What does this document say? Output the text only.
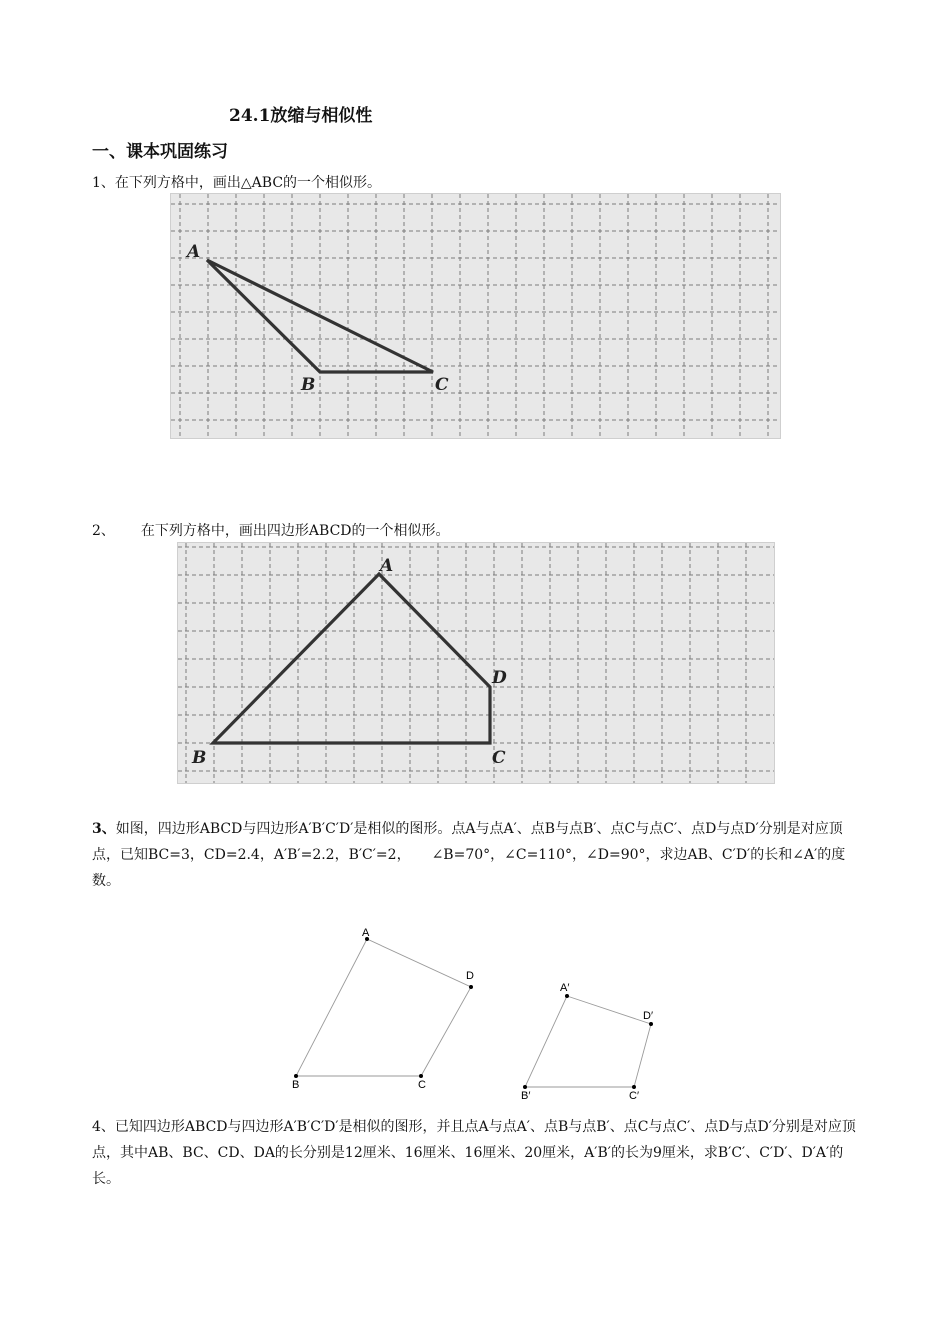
24.1放缩与相似性
一、课本巩固练习
1、在下列方格中，画出△ABC的一个相似形。
A
B	C
2、 在下列方格中，画出四边形ABCD的一个相似形。
A
D
C
B
3、如图，四边形ABCD与四边形A′B′C′D′是相似的图形。点A与点A′、点B与点B′、点C与点C′、点D与点D′分别是对应顶点，已知BC=3，CD=2.4，A′B′=2.2，B′C′=2，　　∠B=70°，∠C=110°，∠D=90°，求边AB、C′D′的长和∠A′的度数。
A
B	C
D
A′
B′	C′
D′
4、已知四边形ABCD与四边形A′B′C′D′是相似的图形，并且点A与点A′、点B与点B′、点C与点C′、点D与点D′分别是对应顶点，其中AB、BC、CD、DA的长分别是12厘米、16厘米、16厘米、20厘米，A′B′的长为9厘米，求B′C′、C′D′、D′A′的长。
